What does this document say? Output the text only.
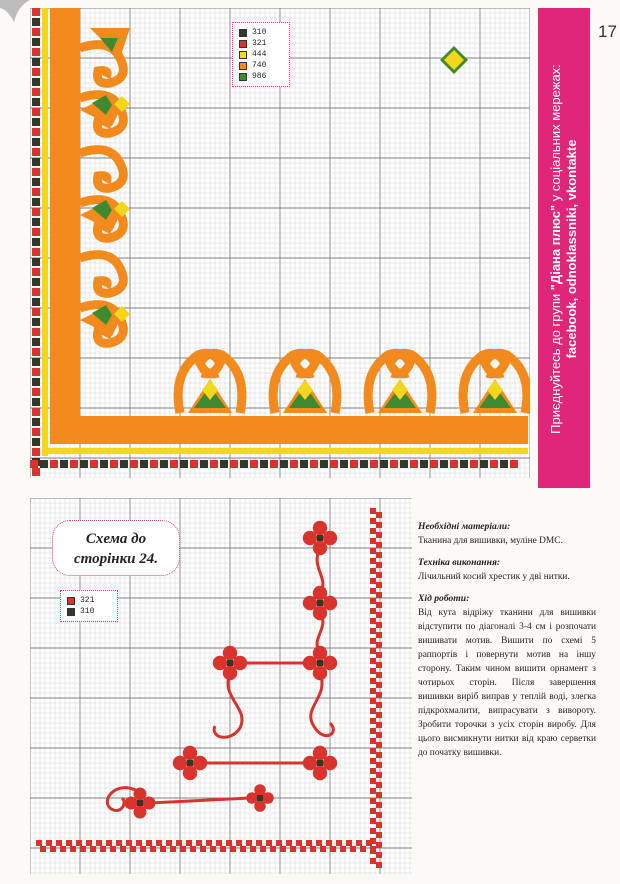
310
321
444
740
986
Приєднуйтесь до групи "Діана плюс" у соціальних мережах:
facebook, odnoklassniki, vkontakte
17
Схема до
сторінки 24.
321
310
Необхідні матеріали:

Тканина для вишивки, муліне DMC.

Техніка виконання:

Лічильний косий хрестик у дві нитки.

Хід роботи:

Від кута відріжу тканини для вишивки відступити по діагоналі 3-4 см і розпочати вишивати мотив. Вишити по схемі 5 раппортів і повернути мотив на іншу сторону. Таким чином вишити орнамент з чотирьох сторін. Після завершення вишивки виріб виправ у теплій воді, злегка підкрохмалити, випрасувати з вивороту. Зробити торочки з усіх сторін виробу. Для цього висмикнути нитки від краю серветки до початку вишивки.
